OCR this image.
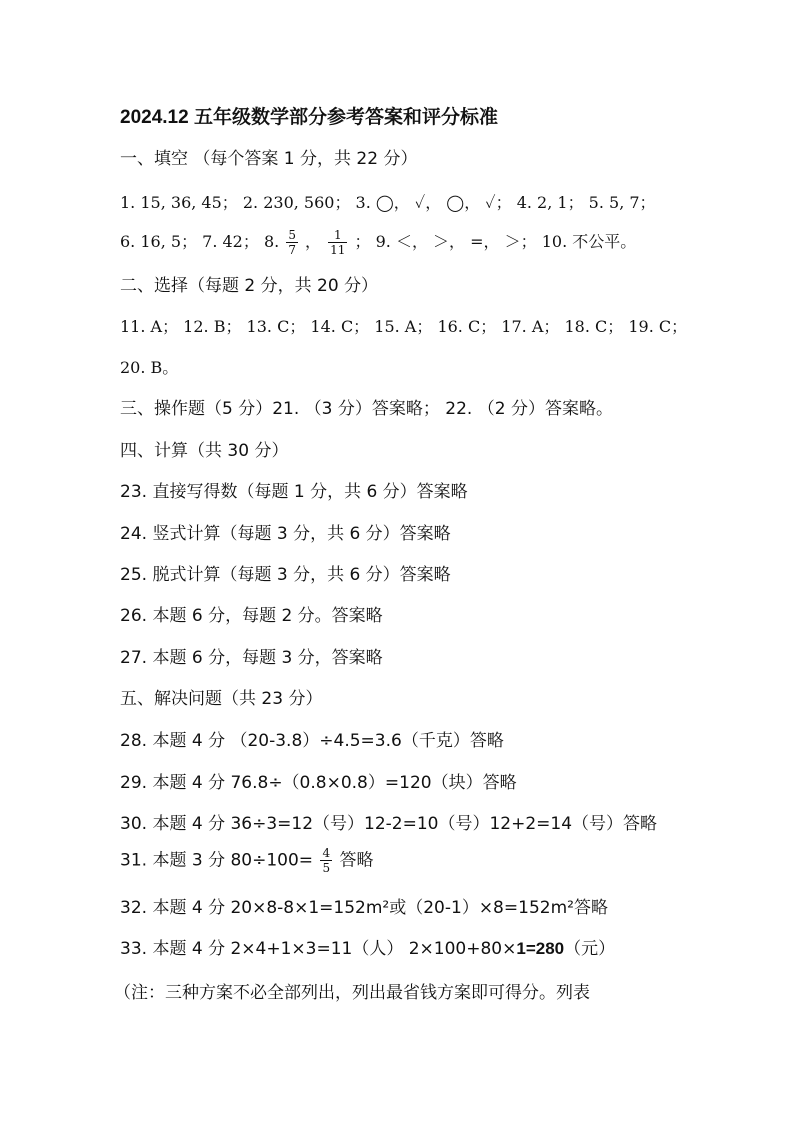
2024.12 五年级数学部分参考答案和评分标准
一、填空 （每个答案 1 分，共 22 分）
1. 15, 36, 45； 2. 230, 560； 3. ◯， ✓， ◯， ✓； 4. 2, 1； 5. 5, 7；
6. 16, 5； 7. 42； 8. $\frac{5}{7}$ ， $\frac{1}{11}$ ； 9. ＜， ＞， =， ＞； 10. 不公平。
二、选择（每题 2 分，共 20 分）
11. A； 12. B； 13. C； 14. C； 15. A； 16. C； 17. A； 18. C； 19. C；
20. B。
三、操作题（5 分）21. （3 分）答案略； 22. （2 分）答案略。
四、计算（共 30 分）
23. 直接写得数（每题 1 分，共 6 分）答案略
24. 竖式计算（每题 3 分，共 6 分）答案略
25. 脱式计算（每题 3 分，共 6 分）答案略
26. 本题 6 分，每题 2 分。答案略
27. 本题 6 分，每题 3 分，答案略
五、解决问题（共 23 分）
28. 本题 4 分 （20-3.8）÷4.5=3.6（千克）答略
29. 本题 4 分 76.8÷（0.8×0.8）=120（块）答略
30. 本题 4 分 36÷3=12（号）12-2=10（号）12+2=14（号）答略
31. 本题 3 分 $80\div 100= \frac{4}{5}$ 答略
32. 本题 4 分 20×8-8×1=152m²或（20-1）×8=152m²答略
33. 本题 4 分 2×4+1×3=11（人） 2×100+80×1=280（元）
（注：三种方案不必全部列出，列出最省钱方案即可得分。列表
